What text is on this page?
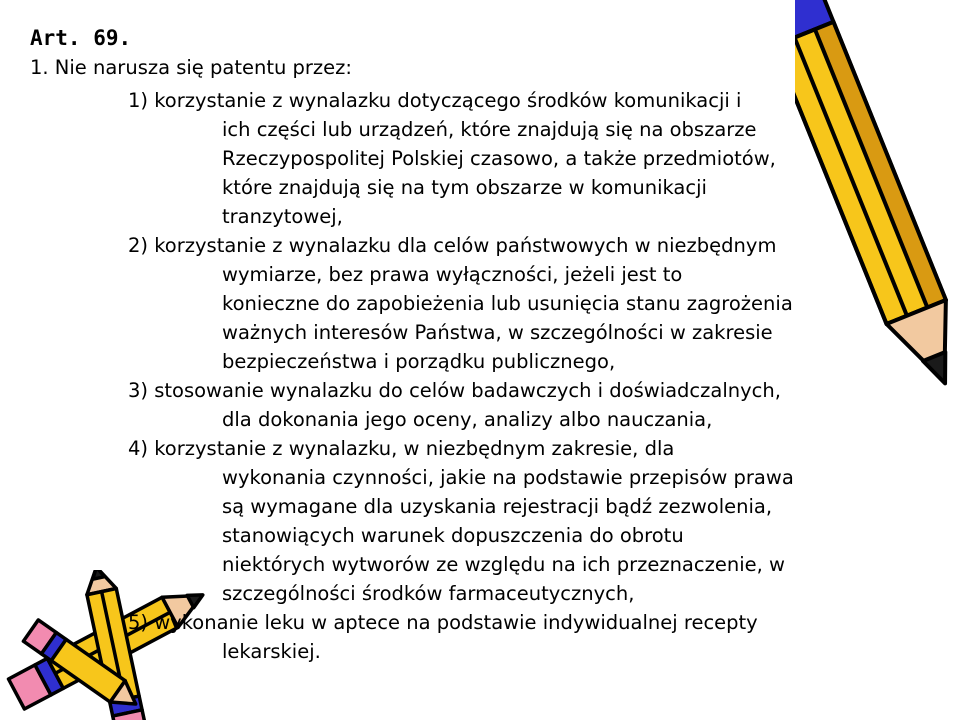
Art. 69.
1. Nie narusza się patentu przez:

1) korzystanie z wynalazku dotyczącego środków komunikacji i

ich części lub urządzeń, które znajdują się na obszarze

Rzeczypospolitej Polskiej czasowo, a także przedmiotów,

które znajdują się na tym obszarze w komunikacji

tranzytowej,

2) korzystanie z wynalazku dla celów państwowych w niezbędnym

wymiarze, bez prawa wyłączności, jeżeli jest to

konieczne do zapobieżenia lub usunięcia stanu zagrożenia

ważnych interesów Państwa, w szczególności w zakresie

bezpieczeństwa i porządku publicznego,

3) stosowanie wynalazku do celów badawczych i doświadczalnych,

dla dokonania jego oceny, analizy albo nauczania,

4) korzystanie z wynalazku, w niezbędnym zakresie, dla

wykonania czynności, jakie na podstawie przepisów prawa

są wymagane dla uzyskania rejestracji bądź zezwolenia,

stanowiących warunek dopuszczenia do obrotu

niektórych wytworów ze względu na ich przeznaczenie, w

szczególności środków farmaceutycznych,

5) wykonanie leku w aptece na podstawie indywidualnej recepty

lekarskiej.
